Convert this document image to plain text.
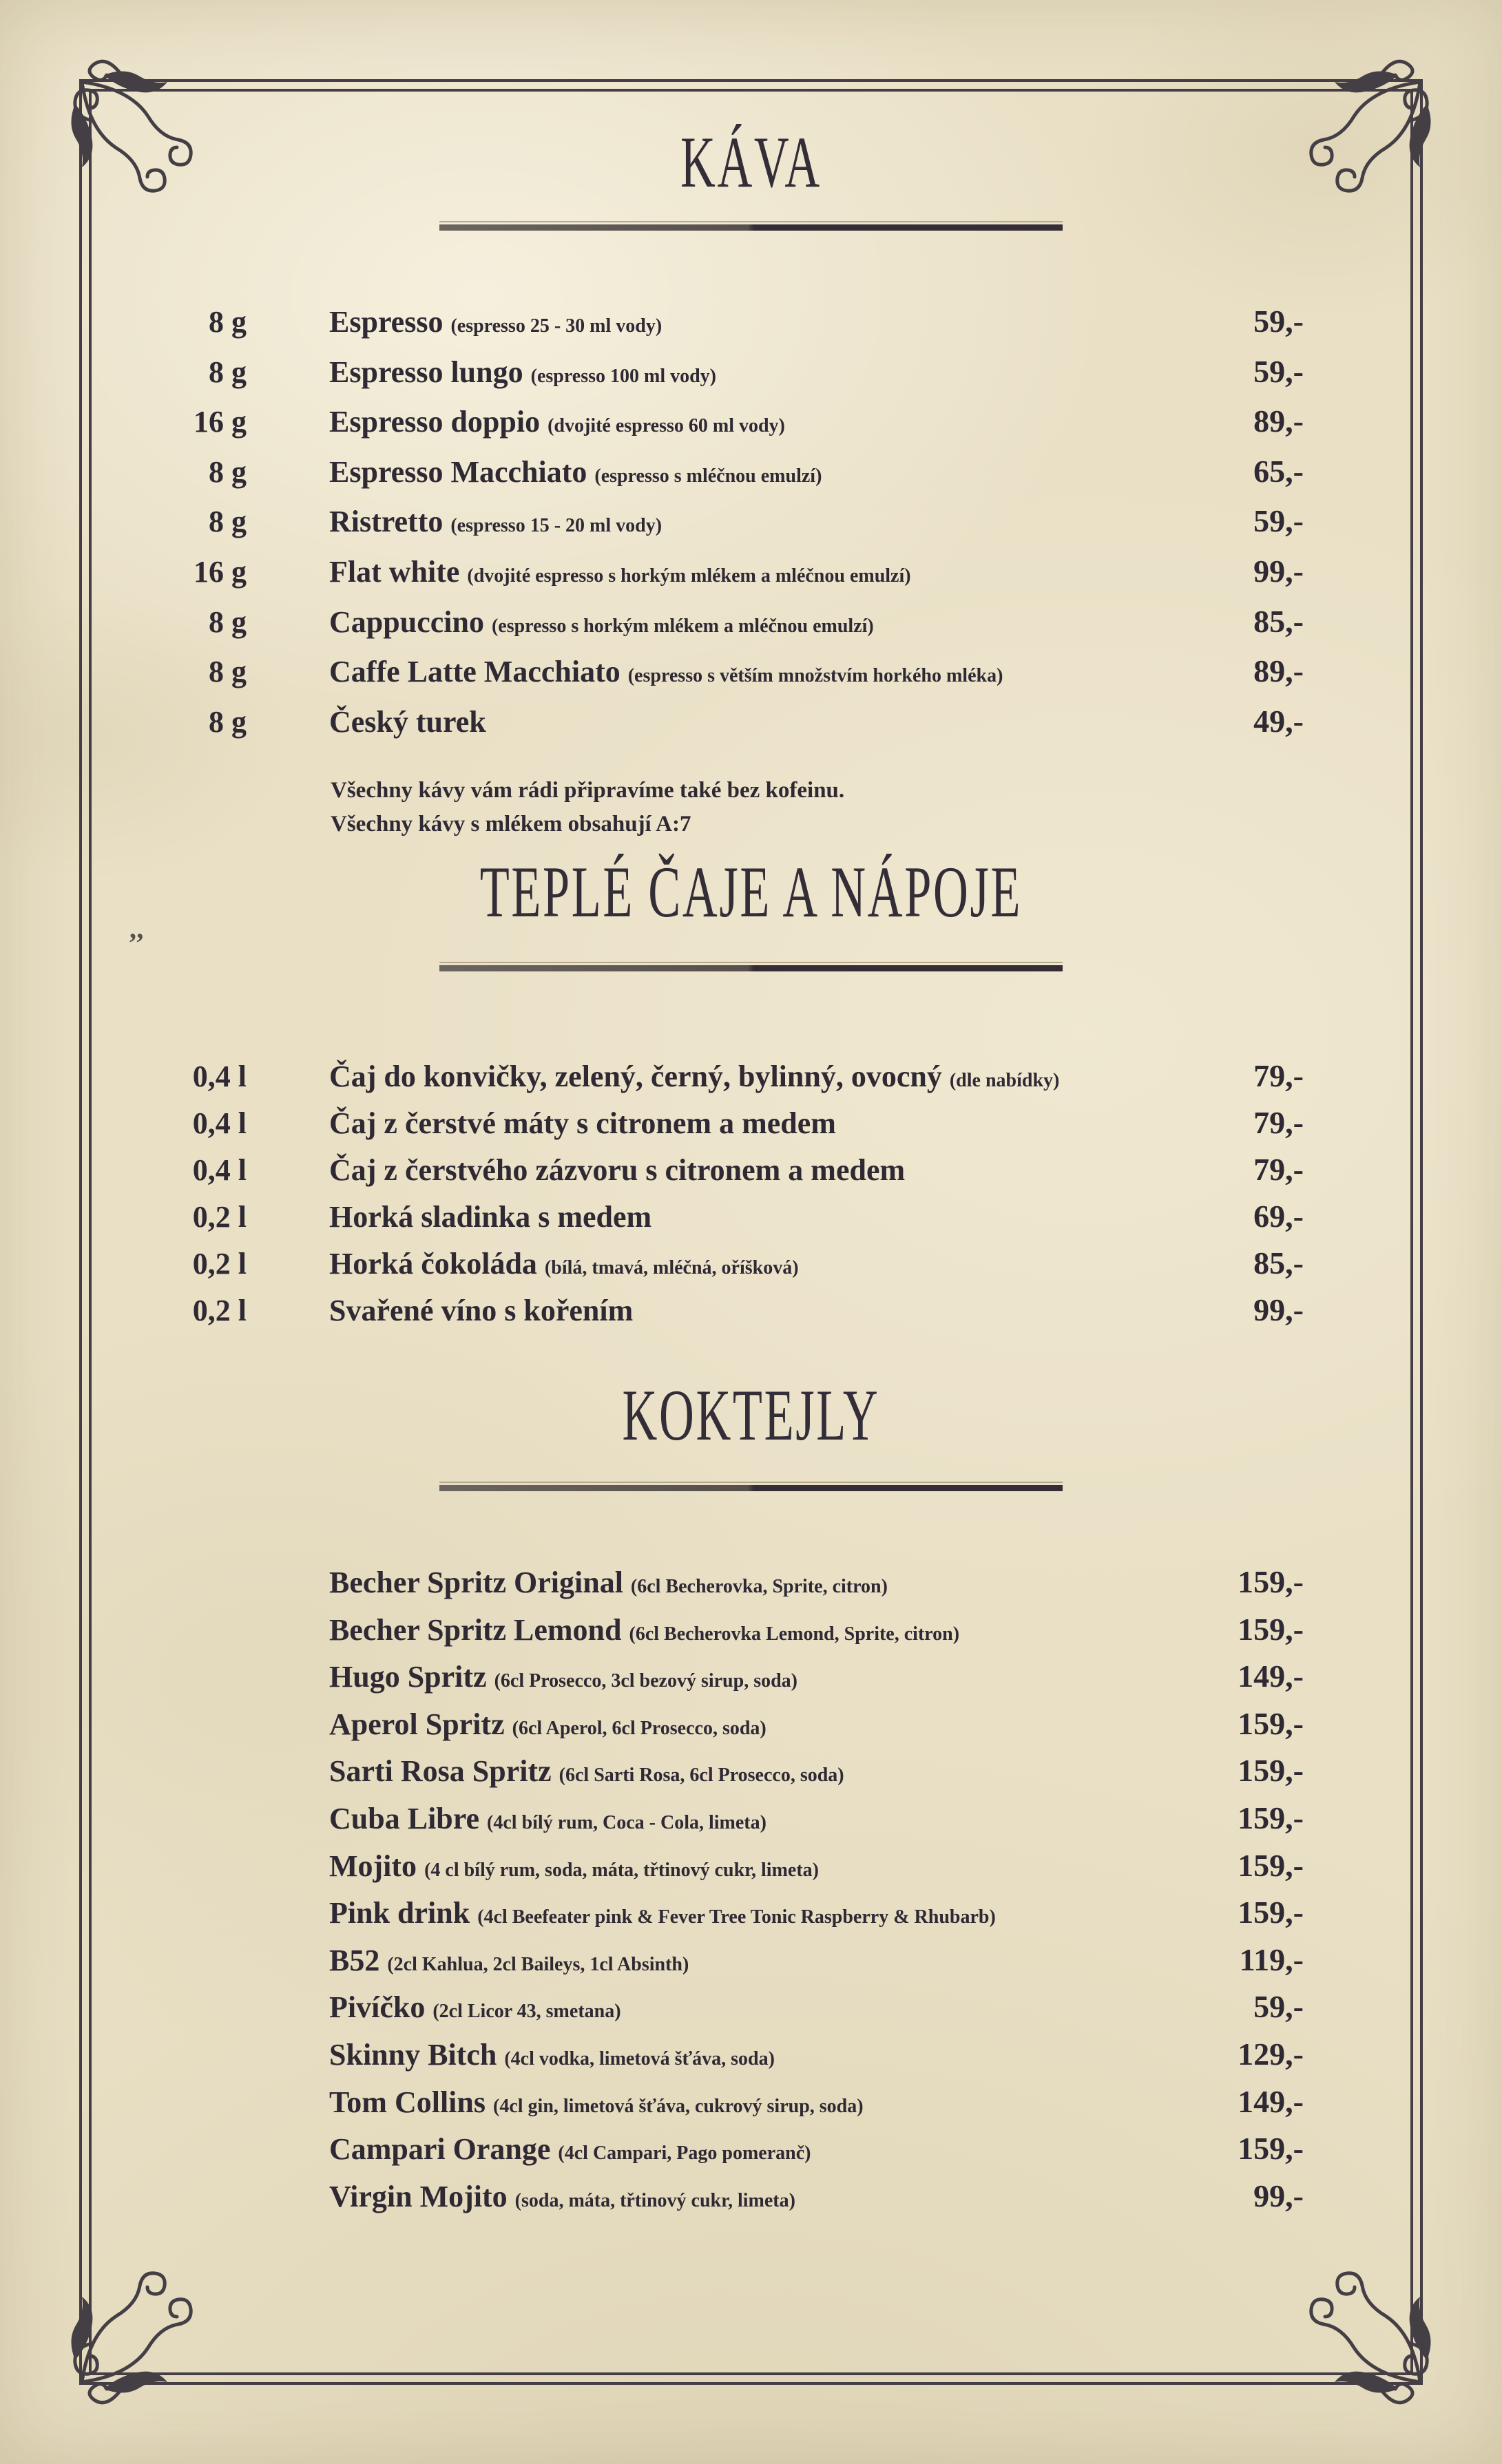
KÁVA
8 g	Espresso (espresso 25 - 30 ml vody)	59,-
8 g	Espresso lungo (espresso 100 ml vody)	59,-
16 g	Espresso doppio (dvojité espresso 60 ml vody)	89,-
8 g	Espresso Macchiato (espresso s mléčnou emulzí)	65,-
8 g	Ristretto (espresso 15 - 20 ml vody)	59,-
16 g	Flat white (dvojité espresso s horkým mlékem a mléčnou emulzí)	99,-
8 g	Cappuccino (espresso s horkým mlékem a mléčnou emulzí)	85,-
8 g	Caffe Latte Macchiato (espresso s větším množstvím horkého mléka)	89,-
8 g	Český turek	49,-
Všechny kávy vám rádi připravíme také bez kofeinu.
Všechny kávy s mlékem obsahují A:7
’’
TEPLÉ ČAJE A NÁPOJE
0,4 l	Čaj do konvičky, zelený, černý, bylinný, ovocný (dle nabídky)	79,-
0,4 l	Čaj z čerstvé máty s citronem a medem	79,-
0,4 l	Čaj z čerstvého zázvoru s citronem a medem	79,-
0,2 l	Horká sladinka s medem	69,-
0,2 l	Horká čokoláda (bílá, tmavá, mléčná, oříšková)	85,-
0,2 l	Svařené víno s kořením	99,-
KOKTEJLY
Becher Spritz Original (6cl Becherovka, Sprite, citron)	159,-
Becher Spritz Lemond (6cl Becherovka Lemond, Sprite, citron)	159,-
Hugo Spritz (6cl Prosecco, 3cl bezový sirup, soda)	149,-
Aperol Spritz (6cl Aperol, 6cl Prosecco, soda)	159,-
Sarti Rosa Spritz (6cl Sarti Rosa, 6cl Prosecco, soda)	159,-
Cuba Libre (4cl bílý rum, Coca - Cola, limeta)	159,-
Mojito (4 cl bílý rum, soda, máta, třtinový cukr, limeta)	159,-
Pink drink (4cl Beefeater pink & Fever Tree Tonic Raspberry & Rhubarb)	159,-
B52 (2cl Kahlua, 2cl Baileys, 1cl Absinth)	119,-
Pivíčko (2cl Licor 43, smetana)	59,-
Skinny Bitch (4cl vodka, limetová šťáva, soda)	129,-
Tom Collins (4cl gin, limetová šťáva, cukrový sirup, soda)	149,-
Campari Orange (4cl Campari, Pago pomeranč)	159,-
Virgin Mojito (soda, máta, třtinový cukr, limeta)	99,-
